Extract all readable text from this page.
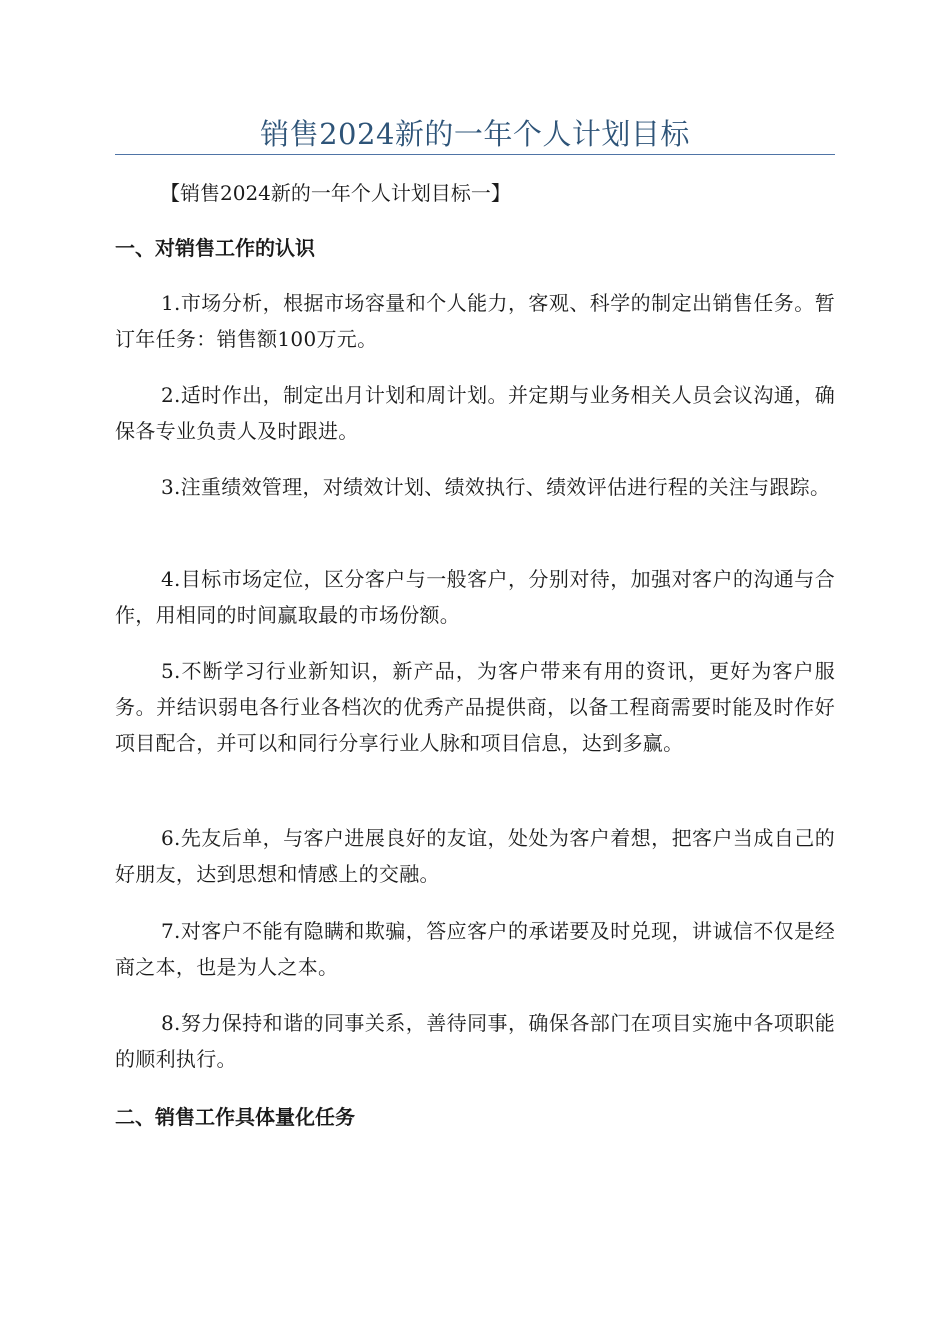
销售2024新的一年个人计划目标
【销售2024新的一年个人计划目标一】
一、对销售工作的认识
1.市场分析，根据市场容量和个人能力，客观、科学的制定出销售任务。暂订年任务：销售额100万元。
2.适时作出，制定出月计划和周计划。并定期与业务相关人员会议沟通，确保各专业负责人及时跟进。
3.注重绩效管理，对绩效计划、绩效执行、绩效评估进行程的关注与跟踪。
4.目标市场定位，区分客户与一般客户，分别对待，加强对客户的沟通与合作，用相同的时间赢取最的市场份额。
5.不断学习行业新知识，新产品，为客户带来有用的资讯，更好为客户服务。并结识弱电各行业各档次的优秀产品提供商，以备工程商需要时能及时作好项目配合，并可以和同行分享行业人脉和项目信息，达到多赢。
6.先友后单，与客户进展良好的友谊，处处为客户着想，把客户当成自己的好朋友，达到思想和情感上的交融。
7.对客户不能有隐瞒和欺骗，答应客户的承诺要及时兑现，讲诚信不仅是经商之本，也是为人之本。
8.努力保持和谐的同事关系，善待同事，确保各部门在项目实施中各项职能的顺利执行。
二、销售工作具体量化任务
